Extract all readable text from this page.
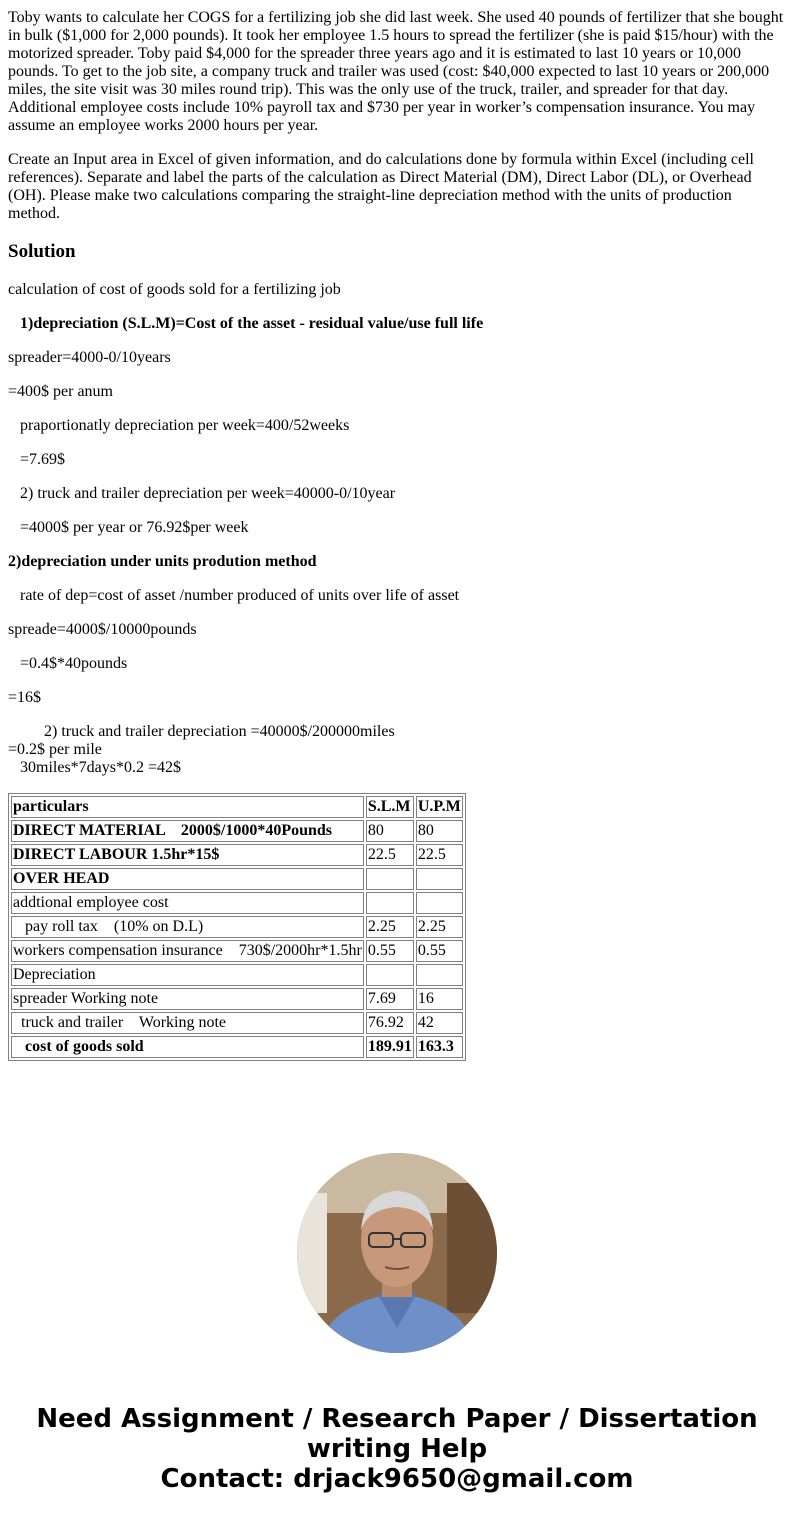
Toby wants to calculate her COGS for a fertilizing job she did last week. She used 40 pounds of fertilizer that she bought in bulk ($1,000 for 2,000 pounds). It took her employee 1.5 hours to spread the fertilizer (she is paid $15/hour) with the motorized spreader. Toby paid $4,000 for the spreader three years ago and it is estimated to last 10 years or 10,000 pounds. To get to the job site, a company truck and trailer was used (cost: $40,000 expected to last 10 years or 200,000 miles, the site visit was 30 miles round trip). This was the only use of the truck, trailer, and spreader for that day. Additional employee costs include 10% payroll tax and $730 per year in worker’s compensation insurance. You may assume an employee works 2000 hours per year.

Create an Input area in Excel of given information, and do calculations done by formula within Excel (including cell references). Separate and label the parts of the calculation as Direct Material (DM), Direct Labor (DL), or Overhead (OH). Please make two calculations comparing the straight-line depreciation method with the units of production method.

Solution

calculation of cost of goods sold for a fertilizing job

1)depreciation (S.L.M)=Cost of the asset - residual value/use full life

spreader=4000-0/10years

=400$ per anum

praportionatly depreciation per week=400/52weeks

=7.69$

2) truck and trailer depreciation per week=40000-0/10year

=4000$ per year or 76.92$per week

2)depreciation under units prodution method

rate of dep=cost of asset /number produced of units over life of asset

spreade=4000$/10000pounds

=0.4$*40pounds

=16$

2) truck and trailer depreciation =40000$/200000miles

=0.2$ per mile

30miles*7days*0.2 =42$

particulars	S.L.M	U.P.M
DIRECT MATERIAL    2000$/1000*40Pounds	80	80
DIRECT LABOUR 1.5hr*15$	22.5	22.5
OVER HEAD		
addtional employee cost		
pay roll tax    (10% on D.L)	2.25	2.25
workers compensation insurance    730$/2000hr*1.5hr	0.55	0.55
Depreciation		
spreader Working note	7.69	16
truck and trailer    Working note	76.92	42
cost of goods sold	189.91	163.3
Need Assignment / Research Paper / Dissertation
writing Help
Contact: drjack9650@gmail.com
